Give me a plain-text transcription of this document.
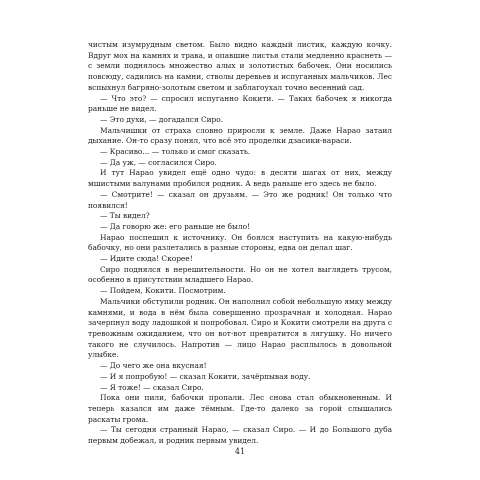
чистым изумрудным светом. Было видно каждый листик, каждую кочку. Вдруг мох на камнях и трава, и опавшие листья стали медленно краснеть — с земли поднялось множество алых и золотистых бабочек. Они носились повсюду, садились на камни, стволы деревьев и испуганных мальчиков. Лес вспыхнул багряно-золотым светом и заблагоухал точно весенний сад.

— Что это? — спросил испуганно Кокити. — Таких бабочек я никогда раньше не видел.

— Это духи, — догадался Сиро.

Мальчишки от страха словно приросли к земле. Даже Нарао затаил дыхание. Он-то сразу понял, что всё это проделки дзасики-вараси.

— Красиво... — только и смог сказать.

— Да уж, — согласился Сиро.

И тут Нарао увидел ещё одно чудо: в десяти шагах от них, между мшистыми валунами пробился родник. А ведь раньше его здесь не было.

— Смотрите! — сказал он друзьям. — Это же родник! Он только что появился!

— Ты видел?

— Да говорю же: его раньше не было!

Нарао поспешил к источнику. Он боялся наступить на какую-нибудь бабочку, но они разлетались в разные стороны, едва он делал шаг.

— Идите сюда! Скорее!

Сиро поднялся в нерешительности. Но он не хотел выглядеть трусом, особенно в присутствии младшего Нарао.

— Пойдем, Кокити. Посмотрим.

Мальчики обступили родник. Он наполнил собой небольшую ямку между камнями, и вода в нём была совершенно прозрачная и холодная. Нарао зачерпнул воду ладошкой и попробовал. Сиро и Кокити смотрели на друга с тревожным ожиданием, что он вот-вот превратится в лягушку. Но ничего такого не случилось. Напротив — лицо Нарао расплылось в довольной улыбке.

— До чего же она вкусная!

— И я попробую! — сказал Кокити, зачёрпывая воду.

— Я тоже! — сказал Сиро.

Пока они пили, бабочки пропали. Лес снова стал обыкновенным. И теперь казался им даже тёмным. Где-то далеко за горой слышались раскаты грома.

— Ты сегодня странный Нарао, — сказал Сиро. — И до Большого дуба первым добежал, и родник первым увидел.

41
